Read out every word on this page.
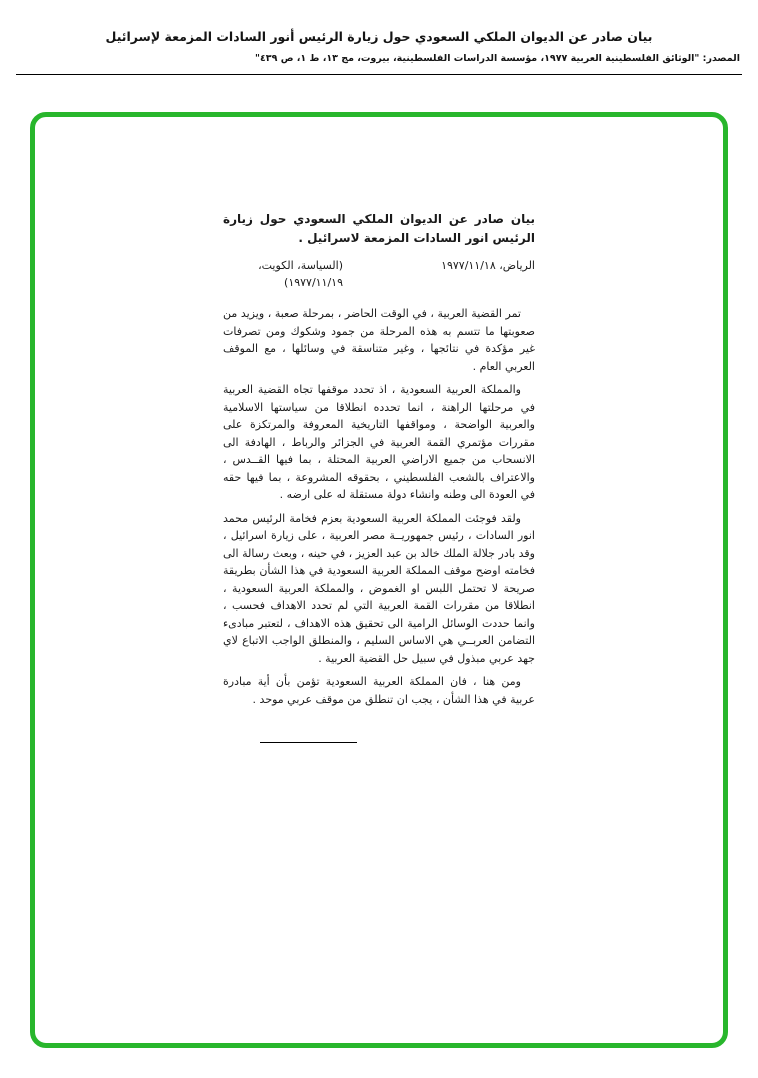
بيان صادر عن الديوان الملكي السعودي حول زيارة الرئيس أنور السادات المزمعة لإسرائيل
المصدر: "الوثائق الفلسطينية العربية ١٩٧٧، مؤسسة الدراسات الفلسطينية، بيروت، مج ١٣، ط ١، ص ٤٣٩"
بيان صادر عن الديوان الملكي السعودي حول زيارة الرئيس انور السادات المزمعة لاسرائيل .
الرياض، ١٩٧٧/١١/١٨
(السياسة، الكويت، ١٩٧٧/١١/١٩)

تمر القضية العربية ، في الوقت الحاضر ، بمرحلة صعبة ، ويزيد من صعوبتها ما تتسم به هذه المرحلة من جمود وشكوك ومن تصرفات غير مؤكدة في نتائجها ، وغير متناسقة في وسائلها ، مع الموقف العربي العام .

والمملكة العربية السعودية ، اذ تحدد موقفها تجاه القضية العربية في مرحلتها الراهنة ، انما تحدده انطلاقا من سياستها الاسلامية والعربية الواضحة ، ومواقفها التاريخية المعروفة والمرتكزة على مقررات مؤتمري القمة العربية في الجزائر والرباط ، الهادفة الى الانسحاب من جميع الاراضي العربية المحتلة ، بما فيها القــدس ، والاعتراف بالشعب الفلسطيني ، بحقوقه المشروعة ، بما فيها حقه في العودة الى وطنه وانشاء دولة مستقلة له على ارضه .

ولقد فوجئت المملكة العربية السعودية بعزم فخامة الرئيس محمد انور السادات ، رئيس جمهوريــة مصر العربية ، على زيارة اسرائيل ، وقد بادر جلالة الملك خالد بن عبد العزيز ، في حينه ، وبعث رسالة الى فخامته اوضح موقف المملكة العربية السعودية في هذا الشأن بطريقة صريحة لا تحتمل اللبس او الغموض ، والمملكة العربية السعودية ، انطلاقا من مقررات القمة العربية التي لم تحدد الاهداف فحسب ، وانما حددت الوسائل الرامية الى تحقيق هذه الاهداف ، لتعتبر مبادىء التضامن العربــي هي الاساس السليم ، والمنطلق الواجب الاتباع لاي جهد عربي مبذول في سبيل حل القضية العربية .

ومن هنا ، فان المملكة العربية السعودية تؤمن بأن أية مبادرة عربية في هذا الشأن ، يجب ان تنطلق من موقف عربي موحد .
